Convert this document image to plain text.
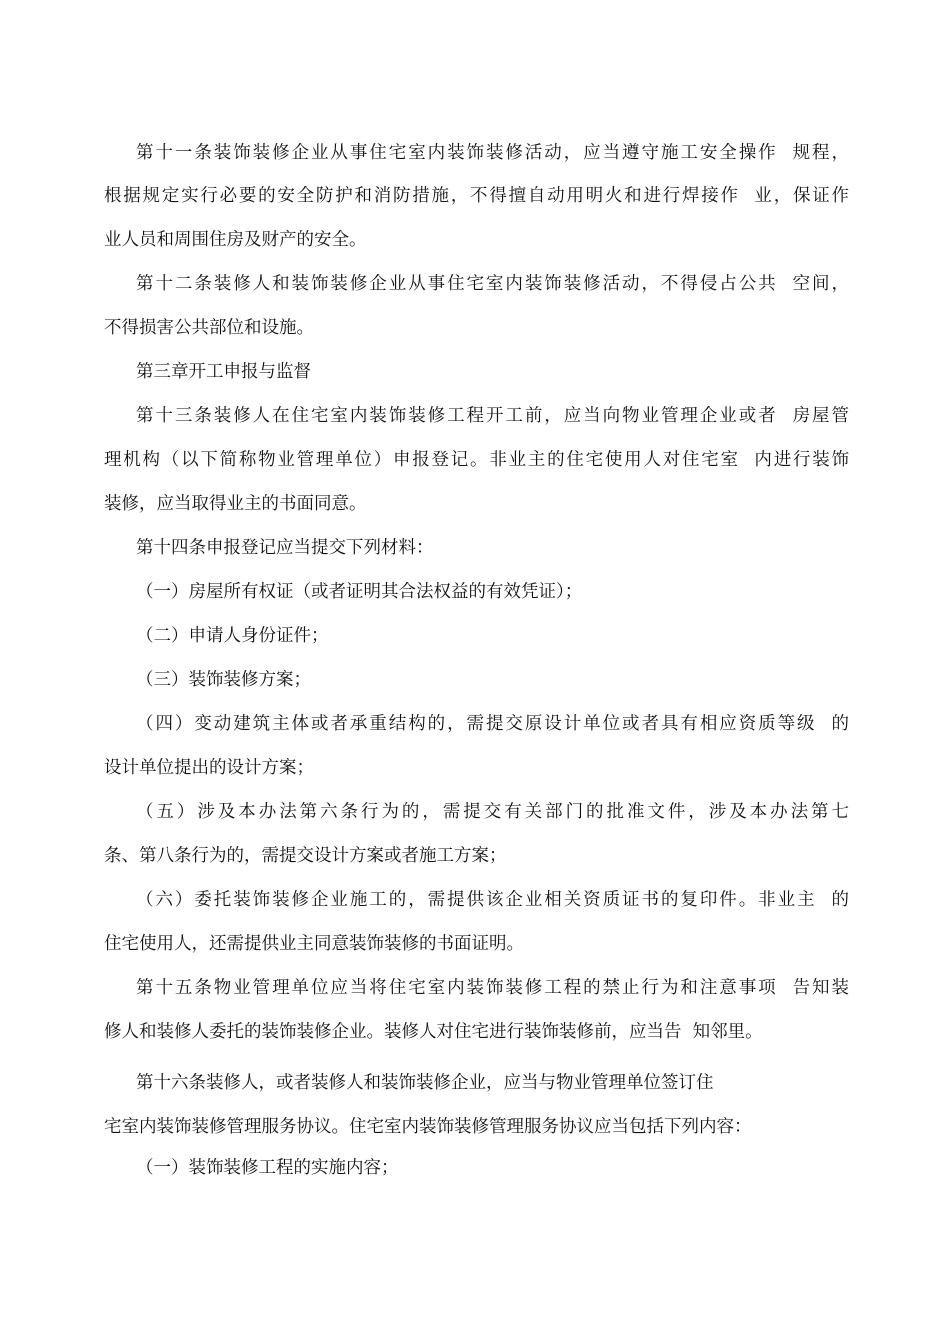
第十一条装饰装修企业从事住宅室内装饰装修活动，应当遵守施工安全操作  规程，
根据规定实行必要的安全防护和消防措施，不得擅自动用明火和进行焊接作  业，保证作
业人员和周围住房及财产的安全。
第十二条装修人和装饰装修企业从事住宅室内装饰装修活动，不得侵占公共  空间，
不得损害公共部位和设施。
第三章开工申报与监督
第十三条装修人在住宅室内装饰装修工程开工前，应当向物业管理企业或者  房屋管
理机构（以下简称物业管理单位）申报登记。非业主的住宅使用人对住宅室  内进行装饰
装修，应当取得业主的书面同意。
第十四条申报登记应当提交下列材料：
（一）房屋所有权证（或者证明其合法权益的有效凭证）；
（二）申请人身份证件；
（三）装饰装修方案；
（四）变动建筑主体或者承重结构的，需提交原设计单位或者具有相应资质等级  的
设计单位提出的设计方案；
（五）涉及本办法第六条行为的，需提交有关部门的批准文件，涉及本办法第七
条、第八条行为的，需提交设计方案或者施工方案；
（六）委托装饰装修企业施工的，需提供该企业相关资质证书的复印件。非业主  的
住宅使用人，还需提供业主同意装饰装修的书面证明。
第十五条物业管理单位应当将住宅室内装饰装修工程的禁止行为和注意事项  告知装
修人和装修人委托的装饰装修企业。装修人对住宅进行装饰装修前，应当告  知邻里。
第十六条装修人，或者装修人和装饰装修企业，应当与物业管理单位签订住
宅室内装饰装修管理服务协议。住宅室内装饰装修管理服务协议应当包括下列内容：
（一）装饰装修工程的实施内容；
